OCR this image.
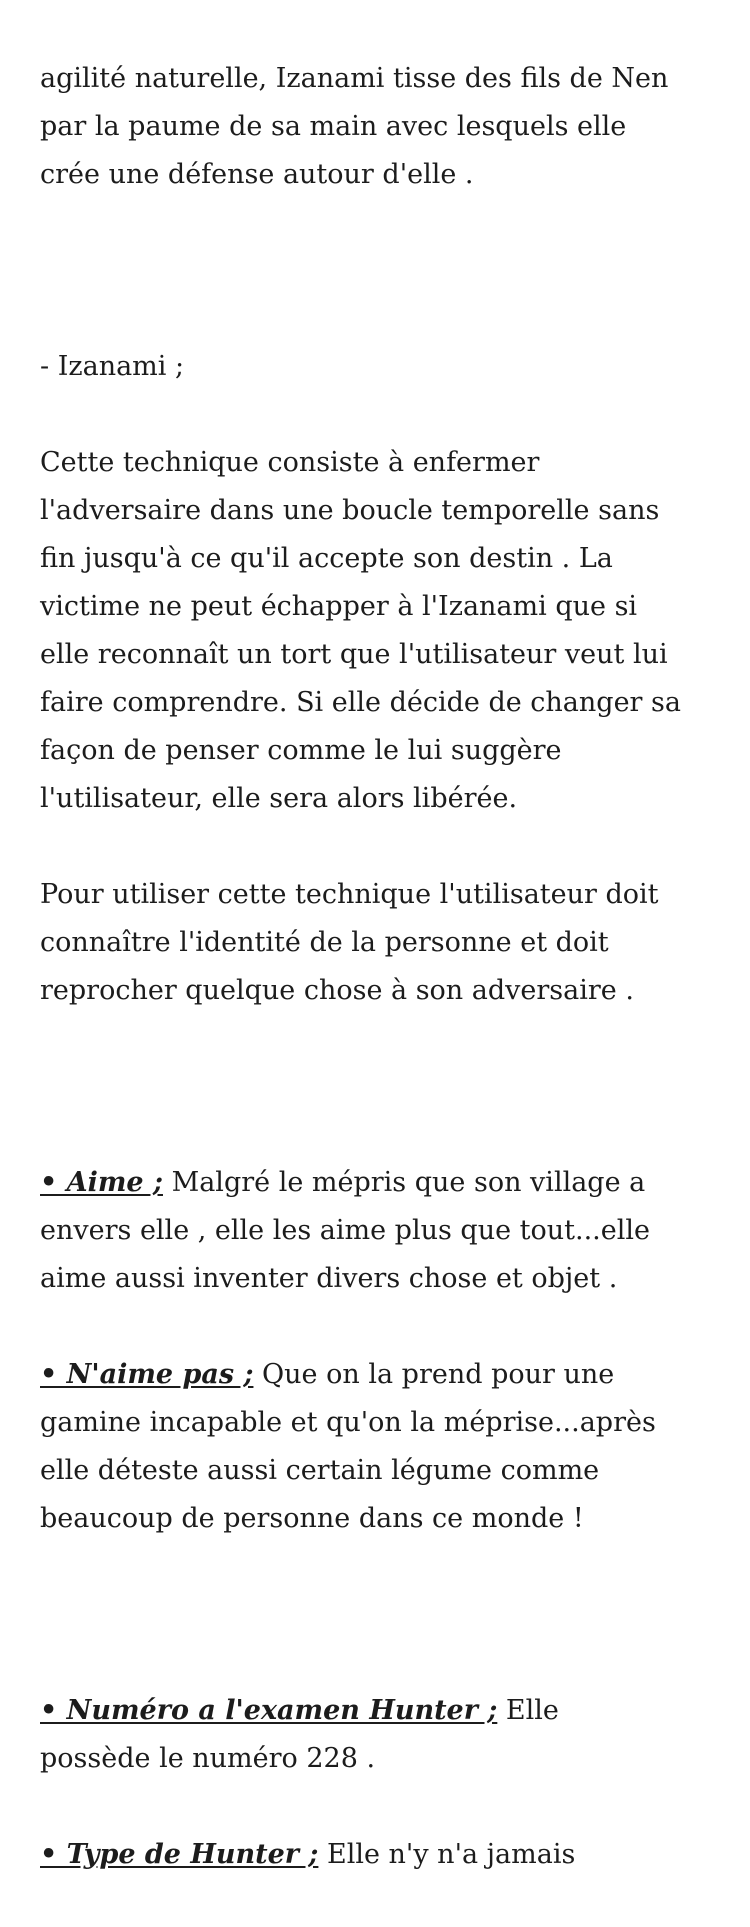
agilité naturelle, Izanami tisse des fils de Nen
par la paume de sa main avec lesquels elle
crée une défense autour d'elle .

- Izanami ;

Cette technique consiste à enfermer
l'adversaire dans une boucle temporelle sans
fin jusqu'à ce qu'il accepte son destin . La
victime ne peut échapper à l'Izanami que si
elle reconnaît un tort que l'utilisateur veut lui
faire comprendre. Si elle décide de changer sa
façon de penser comme le lui suggère
l'utilisateur, elle sera alors libérée.

Pour utiliser cette technique l'utilisateur doit
connaître l'identité de la personne et doit
reprocher quelque chose à son adversaire .

• Aime ; Malgré le mépris que son village a
envers elle , elle les aime plus que tout...elle
aime aussi inventer divers chose et objet .

• N'aime pas ; Que on la prend pour une
gamine incapable et qu'on la méprise...après
elle déteste aussi certain légume comme
beaucoup de personne dans ce monde !

• Numéro a l'examen Hunter ; Elle
possède le numéro 228 .

• Type de Hunter ; Elle n'y n'a jamais
